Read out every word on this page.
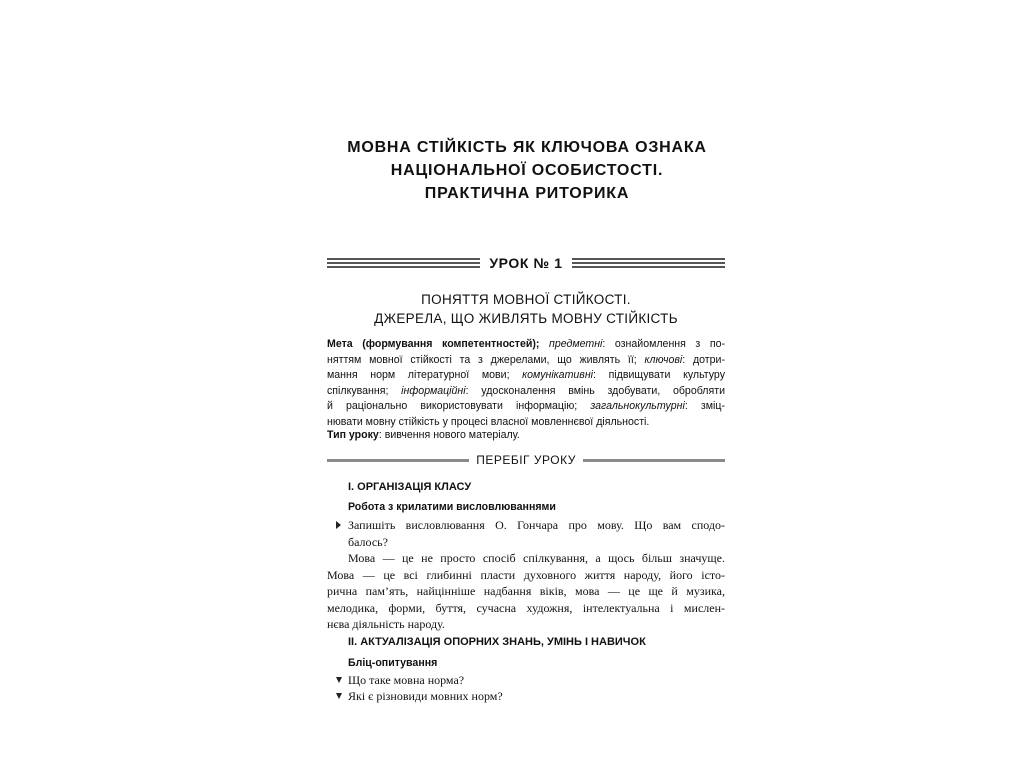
МОВНА СТІЙКІСТЬ ЯК КЛЮЧОВА ОЗНАКА
НАЦІОНАЛЬНОЇ ОСОБИСТОСТІ.
ПРАКТИЧНА РИТОРИКА
УРОК № 1
ПОНЯТТЯ МОВНОЇ СТІЙКОСТІ.
ДЖЕРЕЛА, ЩО ЖИВЛЯТЬ МОВНУ СТІЙКІСТЬ
Мета (формування компетентностей); предметні: ознайомлення з по-
няттям мовної стійкості та з джерелами, що живлять її; ключові: дотри-
мання норм літературної мови; комунікативні: підвищувати культуру
спілкування; інформаційні: удосконалення вмінь здобувати, обробляти
й раціонально використовувати інформацію; загальнокультурні: зміц-
нювати мовну стійкість у процесі власної мовленнєвої діяльності.
Тип уроку: вивчення нового матеріалу.
ПЕРЕБІГ УРОКУ
I. ОРГАНІЗАЦІЯ КЛАСУ
Робота з крилатими висловлюваннями
Запишіть висловлювання О. Гончара про мову. Що вам сподо-
балось?
Мова — це не просто спосіб спілкування, а щось більш значуще.
Мова — це всі глибинні пласти духовного життя народу, його істо-
рична пам’ять, найцінніше надбання віків, мова — це ще й музика,
мелодика, форми, буття, сучасна художня, інтелектуальна і мислен-
нєва діяльність народу.
II. АКТУАЛІЗАЦІЯ ОПОРНИХ ЗНАНЬ, УМІНЬ І НАВИЧОК
Бліц-опитування
Що таке мовна норма?
Які є різновиди мовних норм?
